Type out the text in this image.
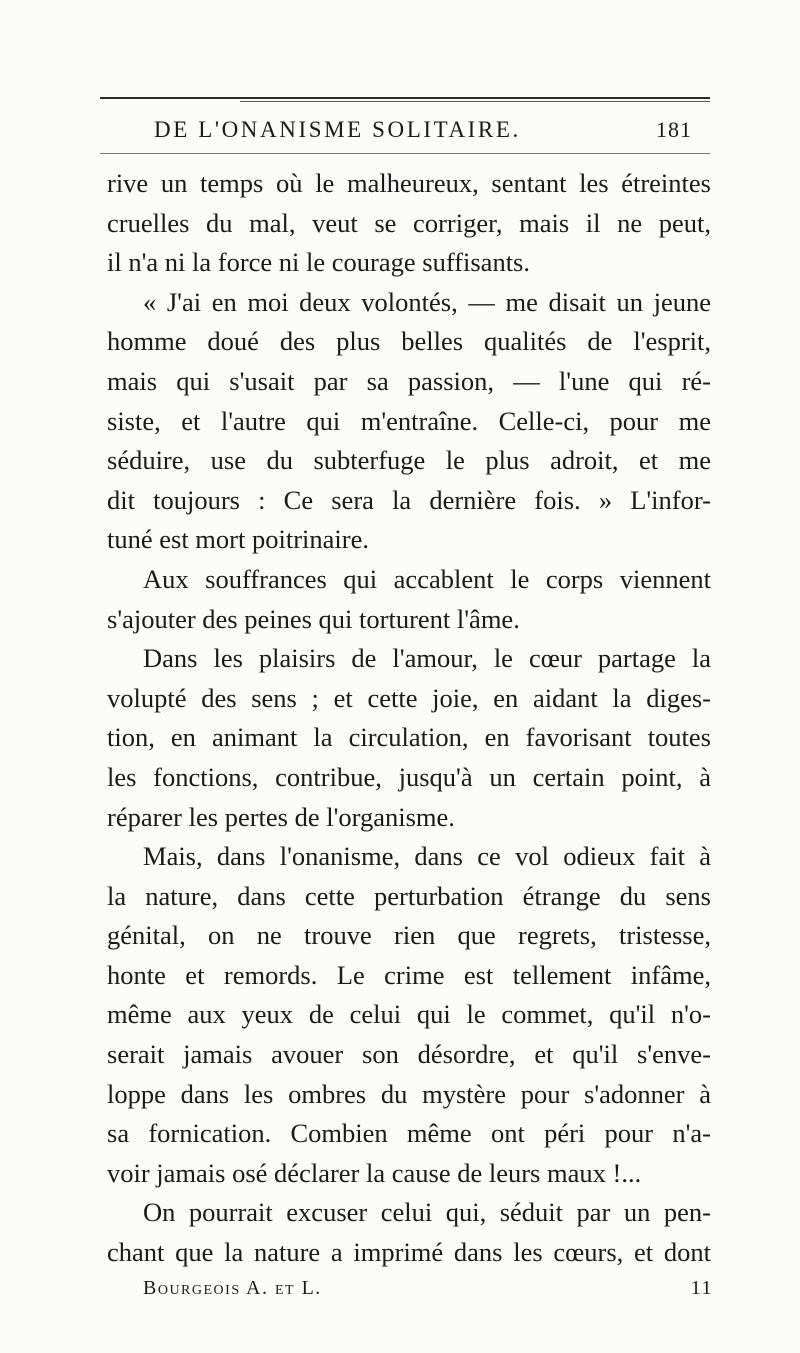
DE L'ONANISME SOLITAIRE.	181
rive un temps où le malheureux, sentant les étreintes
cruelles du mal, veut se corriger, mais il ne peut,
il n'a ni la force ni le courage suffisants.
« J'ai en moi deux volontés, — me disait un jeune
homme doué des plus belles qualités de l'esprit,
mais qui s'usait par sa passion, — l'une qui ré-
siste, et l'autre qui m'entraîne. Celle-ci, pour me
séduire, use du subterfuge le plus adroit, et me
dit toujours : Ce sera la dernière fois. » L'infor-
tuné est mort poitrinaire.
Aux souffrances qui accablent le corps viennent
s'ajouter des peines qui torturent l'âme.
Dans les plaisirs de l'amour, le cœur partage la
volupté des sens ; et cette joie, en aidant la diges-
tion, en animant la circulation, en favorisant toutes
les fonctions, contribue, jusqu'à un certain point, à
réparer les pertes de l'organisme.
Mais, dans l'onanisme, dans ce vol odieux fait à
la nature, dans cette perturbation étrange du sens
génital, on ne trouve rien que regrets, tristesse,
honte et remords. Le crime est tellement infâme,
même aux yeux de celui qui le commet, qu'il n'o-
serait jamais avouer son désordre, et qu'il s'enve-
loppe dans les ombres du mystère pour s'adonner à
sa fornication. Combien même ont péri pour n'a-
voir jamais osé déclarer la cause de leurs maux !...
On pourrait excuser celui qui, séduit par un pen-
chant que la nature a imprimé dans les cœurs, et dont
Bourgeois A. et L.	11
